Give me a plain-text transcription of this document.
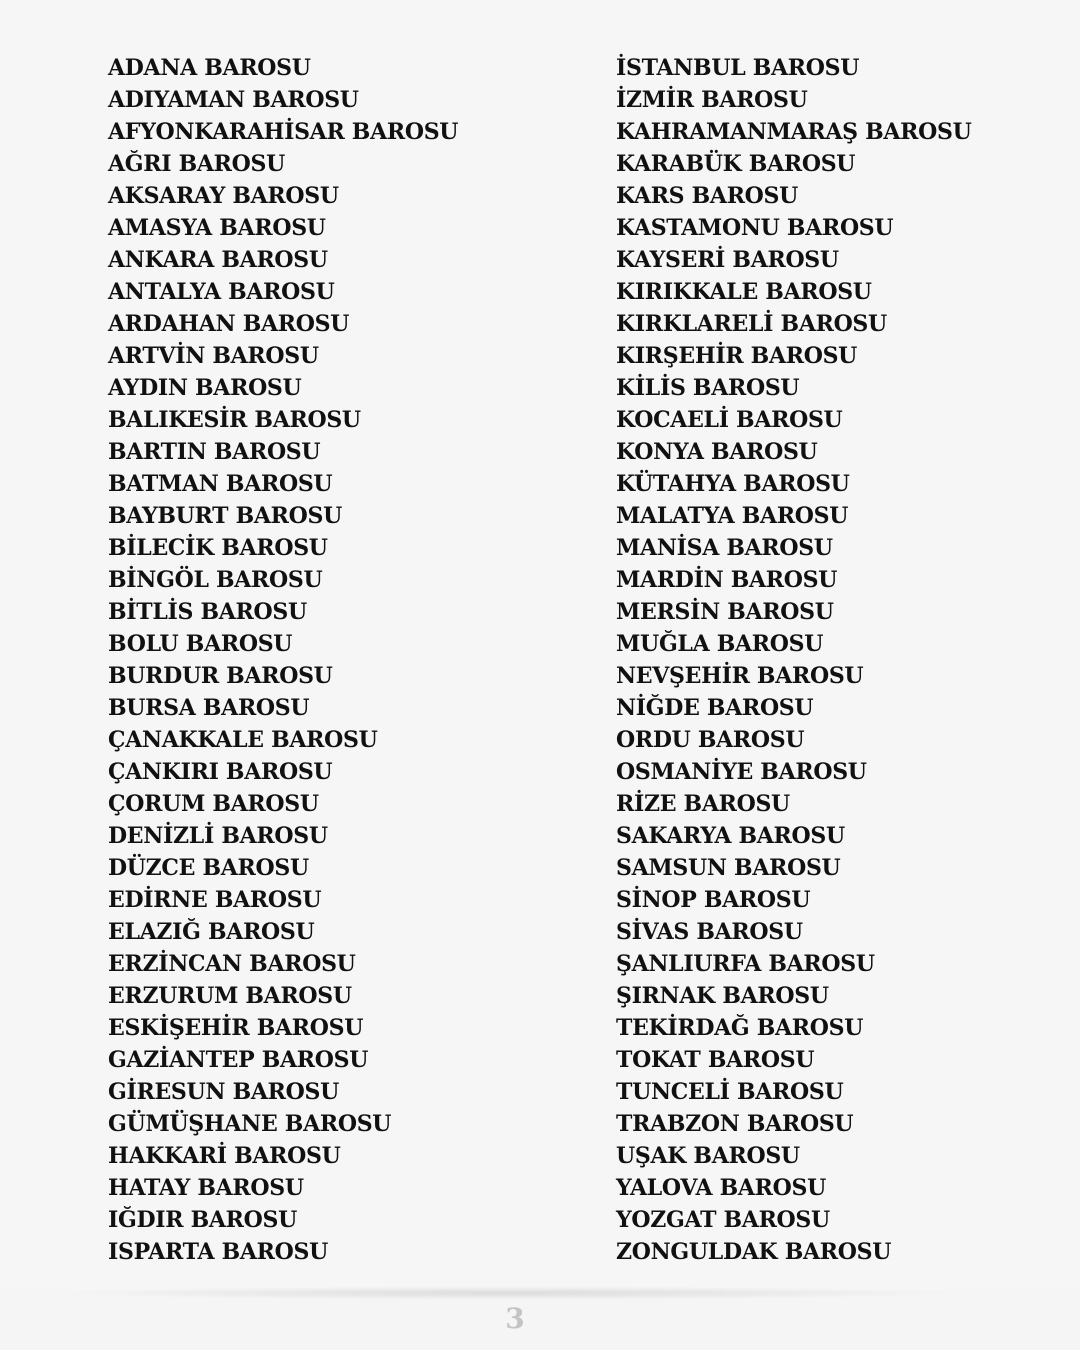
ADANA BAROSU
ADIYAMAN BAROSU
AFYONKARAHİSAR BAROSU
AĞRI BAROSU
AKSARAY BAROSU
AMASYA BAROSU
ANKARA BAROSU
ANTALYA BAROSU
ARDAHAN BAROSU
ARTVİN BAROSU
AYDIN BAROSU
BALIKESİR BAROSU
BARTIN BAROSU
BATMAN BAROSU
BAYBURT BAROSU
BİLECİK BAROSU
BİNGÖL BAROSU
BİTLİS BAROSU
BOLU BAROSU
BURDUR BAROSU
BURSA BAROSU
ÇANAKKALE BAROSU
ÇANKIRI BAROSU
ÇORUM BAROSU
DENİZLİ BAROSU
DÜZCE BAROSU
EDİRNE BAROSU
ELAZIĞ BAROSU
ERZİNCAN BAROSU
ERZURUM BAROSU
ESKİŞEHİR BAROSU
GAZİANTEP BAROSU
GİRESUN BAROSU
GÜMÜŞHANE BAROSU
HAKKARİ BAROSU
HATAY BAROSU
IĞDIR BAROSU
ISPARTA BAROSU
İSTANBUL BAROSU
İZMİR BAROSU
KAHRAMANMARAŞ BAROSU
KARABÜK BAROSU
KARS BAROSU
KASTAMONU BAROSU
KAYSERİ BAROSU
KIRIKKALE BAROSU
KIRKLARELİ BAROSU
KIRŞEHİR BAROSU
KİLİS BAROSU
KOCAELİ BAROSU
KONYA BAROSU
KÜTAHYA BAROSU
MALATYA BAROSU
MANİSA BAROSU
MARDİN BAROSU
MERSİN BAROSU
MUĞLA BAROSU
NEVŞEHİR BAROSU
NİĞDE BAROSU
ORDU BAROSU
OSMANİYE BAROSU
RİZE BAROSU
SAKARYA BAROSU
SAMSUN BAROSU
SİNOP BAROSU
SİVAS BAROSU
ŞANLIURFA BAROSU
ŞIRNAK BAROSU
TEKİRDAĞ BAROSU
TOKAT BAROSU
TUNCELİ BAROSU
TRABZON BAROSU
UŞAK BAROSU
YALOVA BAROSU
YOZGAT BAROSU
ZONGULDAK BAROSU
3
